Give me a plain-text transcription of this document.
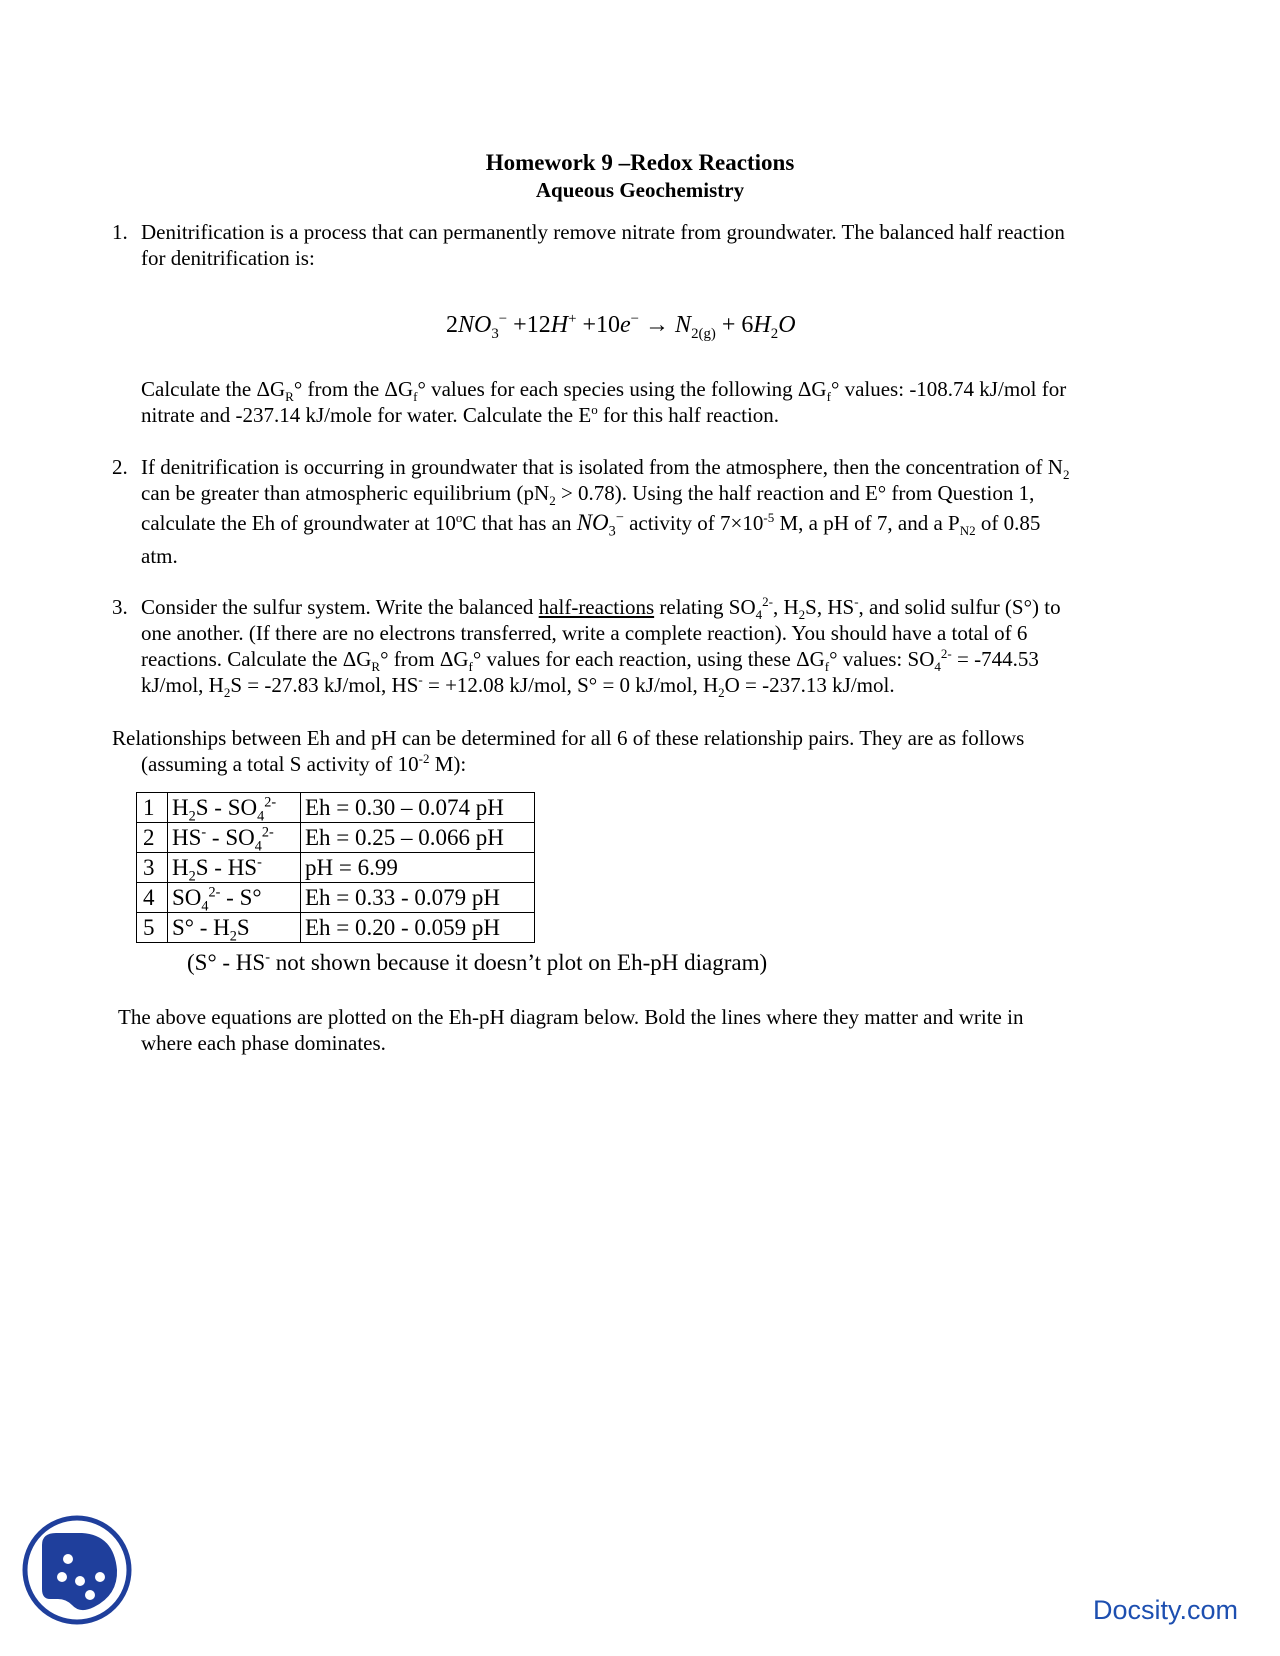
Homework 9 –Redox Reactions
Aqueous Geochemistry
1. Denitrification is a process that can permanently remove nitrate from groundwater. The balanced half reaction
for denitrification is:
$2NO_3^- +12H^+ +10e^- \to N_{2(g)} + 6H_2O$
Calculate the $\Delta G_R^\circ$ from the $\Delta G_f^\circ$ values for each species using the following $\Delta G_f^\circ$ values: -108.74 kJ/mol for
nitrate and -237.14 kJ/mole for water. Calculate the $E^o$ for this half reaction.
2. If denitrification is occurring in groundwater that is isolated from the atmosphere, then the concentration of $N_2$
can be greater than atmospheric equilibrium $(pN_2 > 0.78)$. Using the half reaction and E° from Question 1,
calculate the Eh of groundwater at 10$^o$C that has an $NO_3^-$ activity of $7\times 10^{-5}$ M, a pH of 7, and a $P_{N2}$ of 0.85
atm.
3. Consider the sulfur system. Write the balanced half-reactions relating $SO_4^{2-}$, $H_2S$, HS-, and solid sulfur (S°) to
one another. (If there are no electrons transferred, write a complete reaction). You should have a total of 6
reactions. Calculate the $\Delta G_R^\circ$ from $\Delta G_f^\circ$ values for each reaction, using these $\Delta G_f^\circ$ values: $SO_4^{2-} = -744.53$
kJ/mol, $H_2S = -27.83$ kJ/mol, HS- = +12.08 kJ/mol, S° = 0 kJ/mol, $H_2O = -237.13$ kJ/mol.
Relationships between Eh and pH can be determined for all 6 of these relationship pairs. They are as follows
(assuming a total S activity of $10^{-2}$ M):
1	$H_2S - SO_4^{2-}$	Eh = 0.30 – 0.074 pH
2	$HS^- - SO_4^{2-}$	Eh = 0.25 – 0.066 pH
3	$H_2S - HS^-$	pH = 6.99
4	$SO_4^{2-} - S^\circ$	Eh = 0.33 - 0.079 pH
5	$S^\circ - H_2S$	Eh = 0.20 - 0.059 pH
(S° - HS- not shown because it doesn’t plot on Eh-pH diagram)
The above equations are plotted on the Eh-pH diagram below. Bold the lines where they matter and write in
where each phase dominates.
Docsity.com
